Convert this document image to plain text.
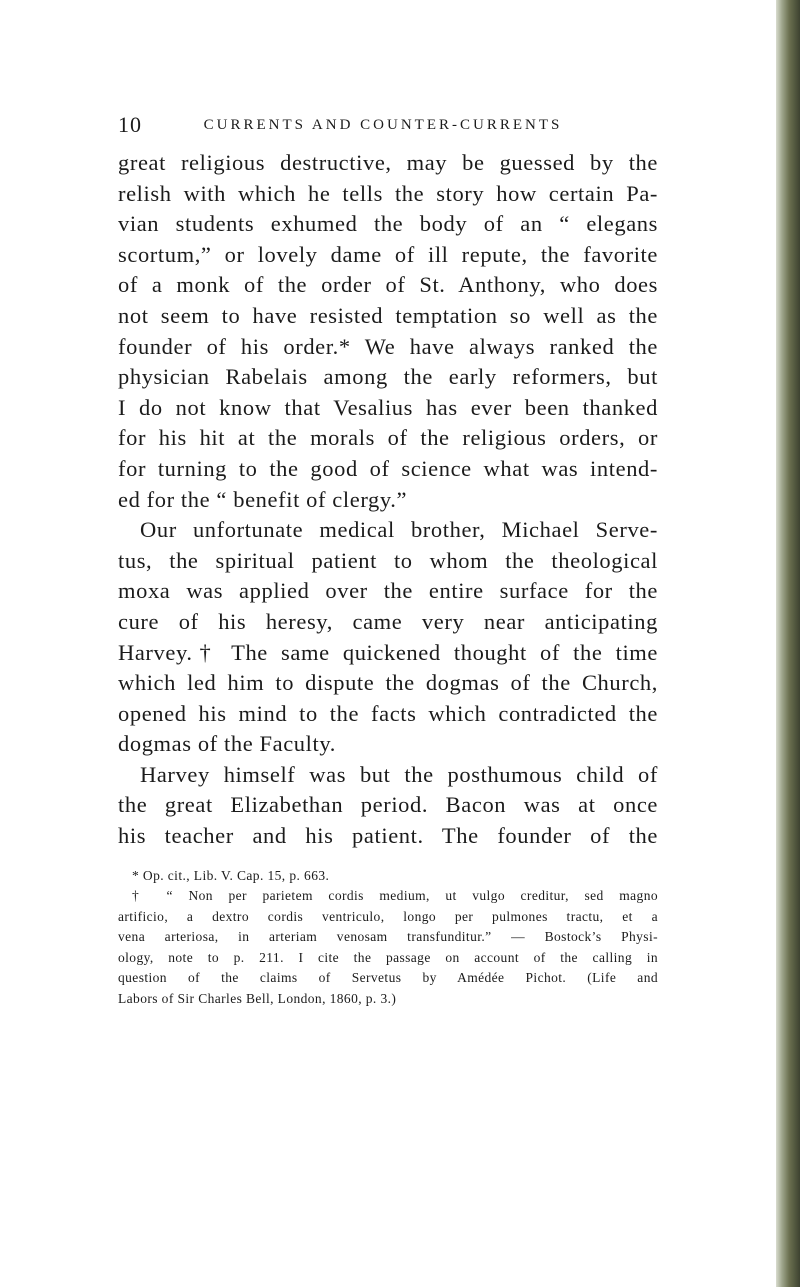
10	CURRENTS AND COUNTER-CURRENTS
great religious destructive, may be guessed by the
relish with which he tells the story how certain Pa-
vian students exhumed the body of an “ elegans
scortum,” or lovely dame of ill repute, the favorite
of a monk of the order of St. Anthony, who does
not seem to have resisted temptation so well as the
founder of his order.* We have always ranked the
physician Rabelais among the early reformers, but
I do not know that Vesalius has ever been thanked
for his hit at the morals of the religious orders, or
for turning to the good of science what was intend-
ed for the “ benefit of clergy.”
Our unfortunate medical brother, Michael Serve-
tus, the spiritual patient to whom the theological
moxa was applied over the entire surface for the
cure of his heresy, came very near anticipating
Harvey.† The same quickened thought of the time
which led him to dispute the dogmas of the Church,
opened his mind to the facts which contradicted the
dogmas of the Faculty.
Harvey himself was but the posthumous child of
the great Elizabethan period. Bacon was at once
his teacher and his patient. The founder of the
* Op. cit., Lib. V. Cap. 15, p. 663.
† “ Non per parietem cordis medium, ut vulgo creditur, sed magno
artificio, a dextro cordis ventriculo, longo per pulmones tractu, et a
vena arteriosa, in arteriam venosam transfunditur.” — Bostock’s Physi-
ology, note to p. 211. I cite the passage on account of the calling in
question of the claims of Servetus by Amédée Pichot. (Life and
Labors of Sir Charles Bell, London, 1860, p. 3.)
